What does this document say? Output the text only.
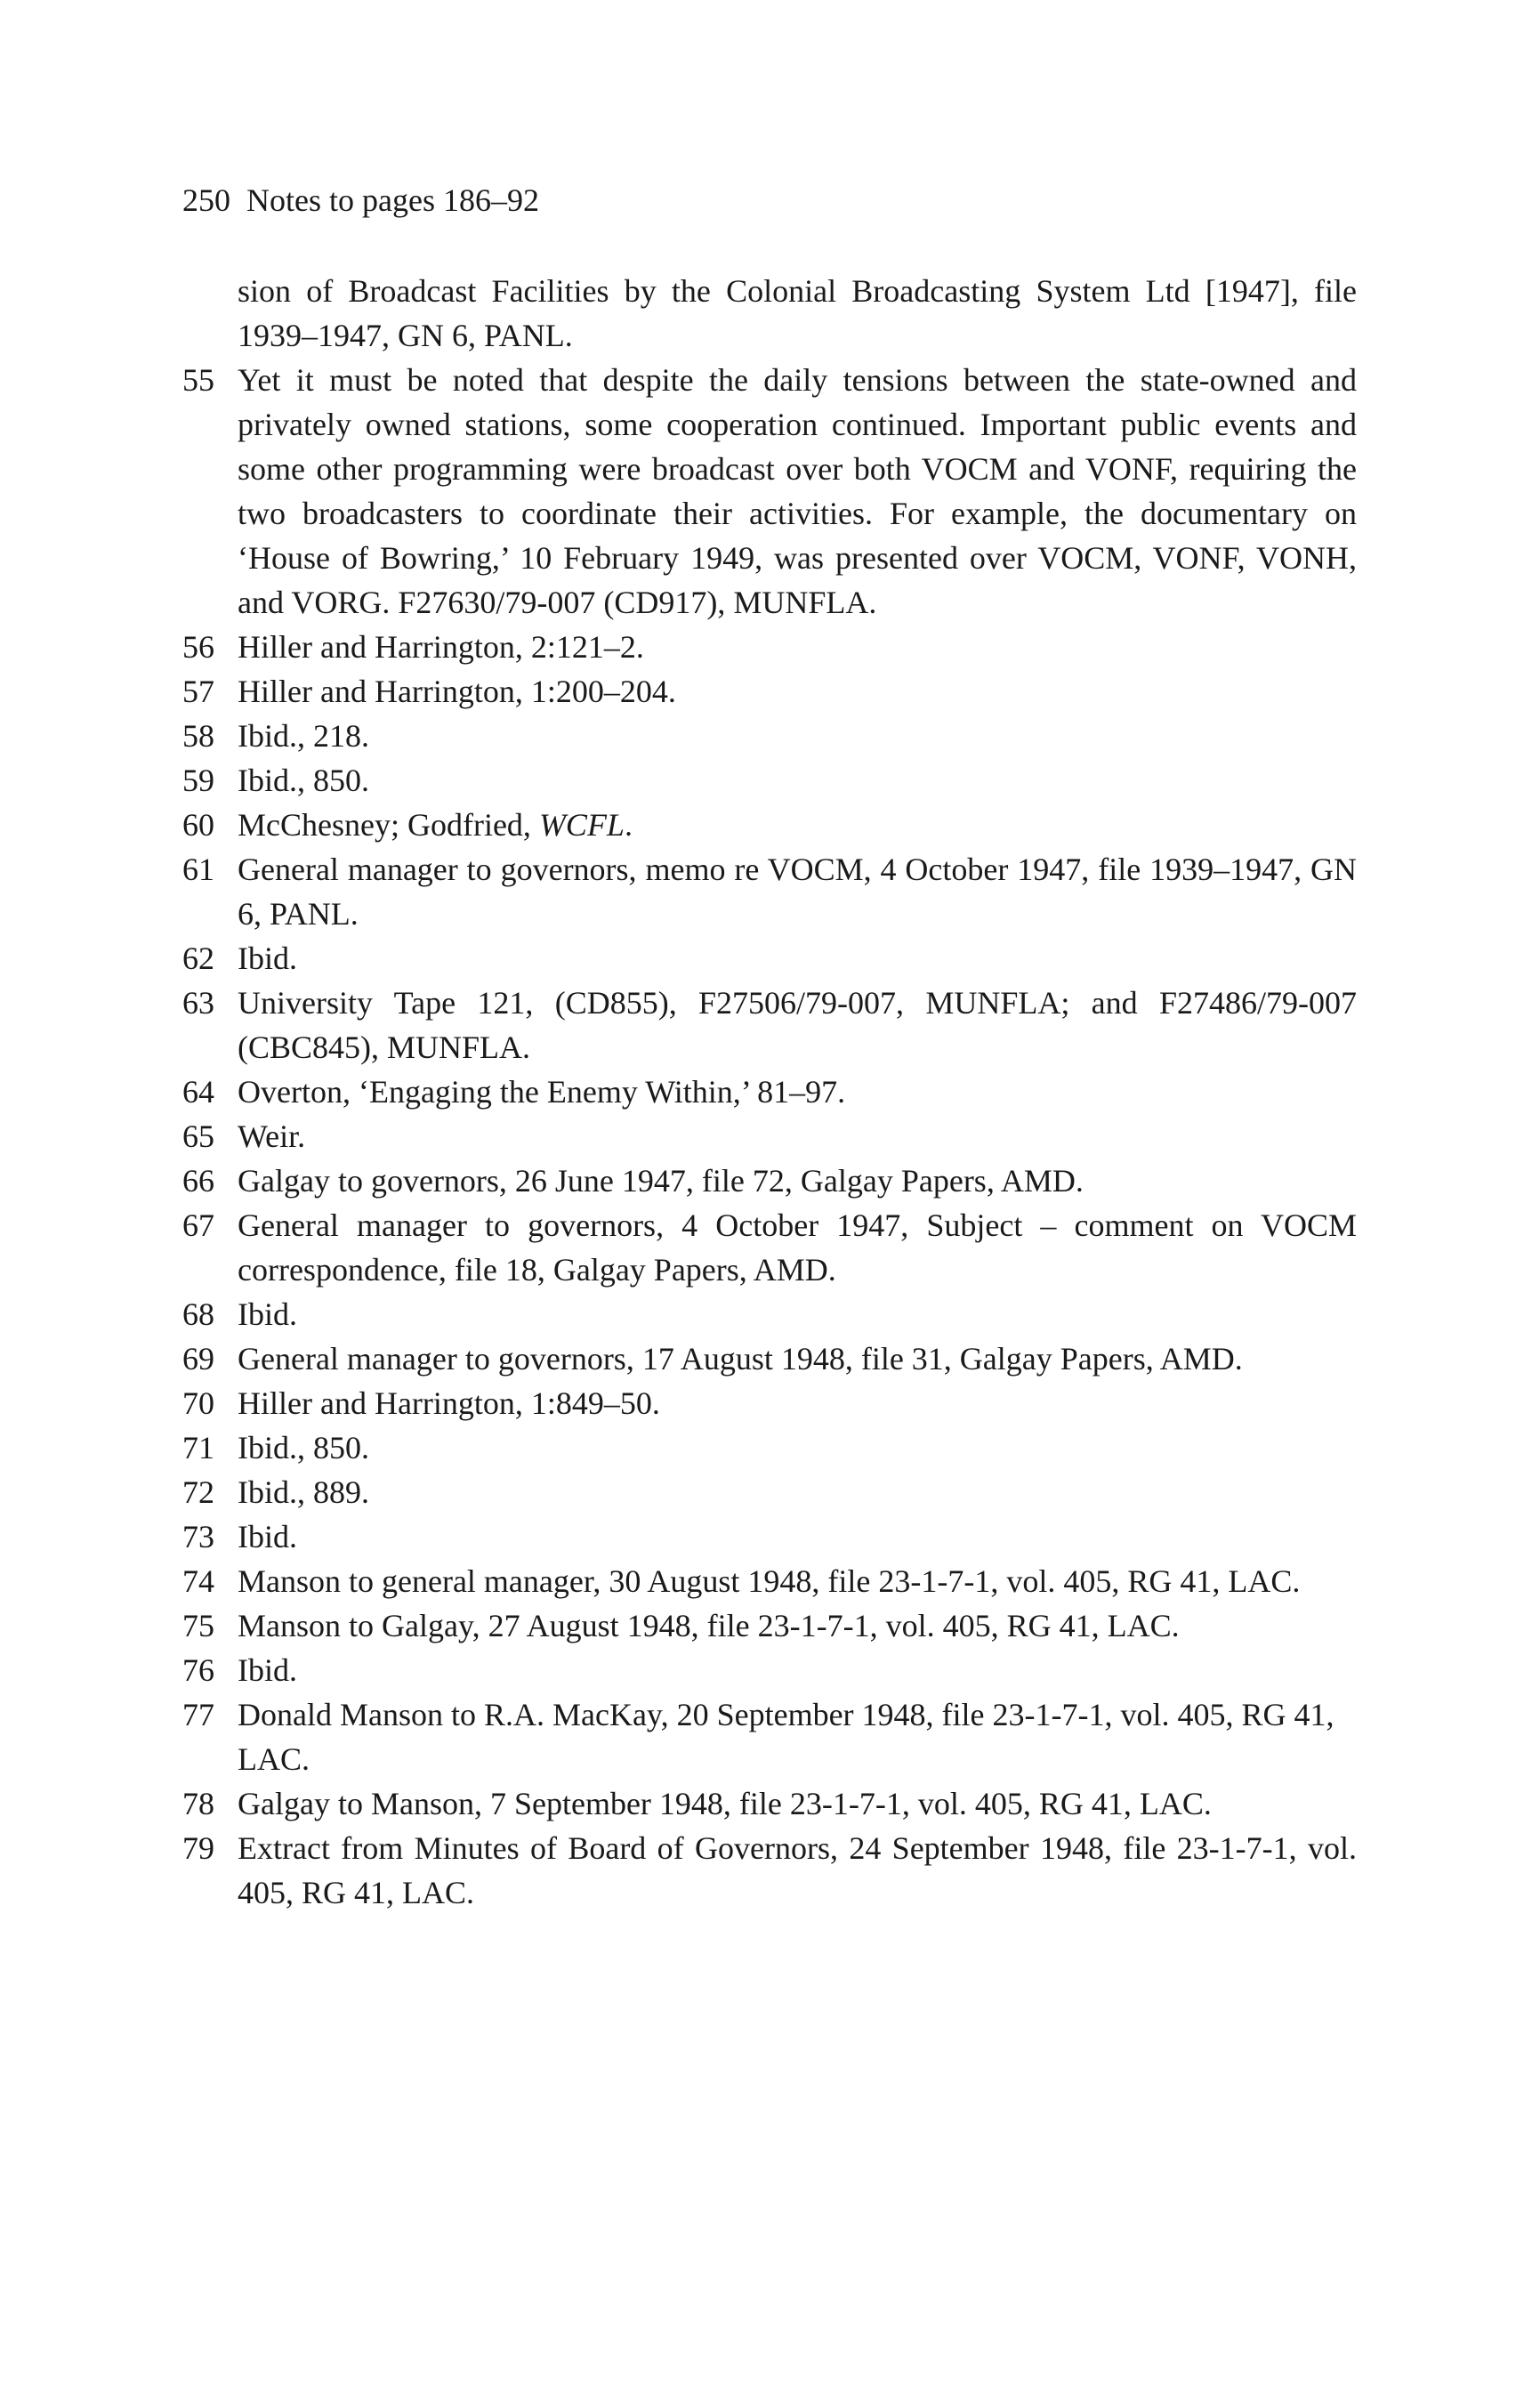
250 Notes to pages 186–92
sion of Broadcast Facilities by the Colonial Broadcasting System Ltd [1947], file 1939–1947, GN 6, PANL.
55 Yet it must be noted that despite the daily tensions between the state-owned and privately owned stations, some cooperation continued. Important public events and some other programming were broadcast over both VOCM and VONF, requiring the two broadcasters to coordinate their activities. For example, the documentary on ‘House of Bowring,’ 10 February 1949, was presented over VOCM, VONF, VONH, and VORG. F27630/79-007 (CD917), MUNFLA.
56 Hiller and Harrington, 2:121–2.
57 Hiller and Harrington, 1:200–204.
58 Ibid., 218.
59 Ibid., 850.
60 McChesney; Godfried, WCFL.
61 General manager to governors, memo re VOCM, 4 October 1947, file 1939–1947, GN 6, PANL.
62 Ibid.
63 University Tape 121, (CD855), F27506/79-007, MUNFLA; and F27486/79-007 (CBC845), MUNFLA.
64 Overton, ‘Engaging the Enemy Within,’ 81–97.
65 Weir.
66 Galgay to governors, 26 June 1947, file 72, Galgay Papers, AMD.
67 General manager to governors, 4 October 1947, Subject – comment on VOCM correspondence, file 18, Galgay Papers, AMD.
68 Ibid.
69 General manager to governors, 17 August 1948, file 31, Galgay Papers, AMD.
70 Hiller and Harrington, 1:849–50.
71 Ibid., 850.
72 Ibid., 889.
73 Ibid.
74 Manson to general manager, 30 August 1948, file 23-1-7-1, vol. 405, RG 41, LAC.
75 Manson to Galgay, 27 August 1948, file 23-1-7-1, vol. 405, RG 41, LAC.
76 Ibid.
77 Donald Manson to R.A. MacKay, 20 September 1948, file 23-1-7-1, vol. 405, RG 41, LAC.
78 Galgay to Manson, 7 September 1948, file 23-1-7-1, vol. 405, RG 41, LAC.
79 Extract from Minutes of Board of Governors, 24 September 1948, file 23-1-7-1, vol. 405, RG 41, LAC.
